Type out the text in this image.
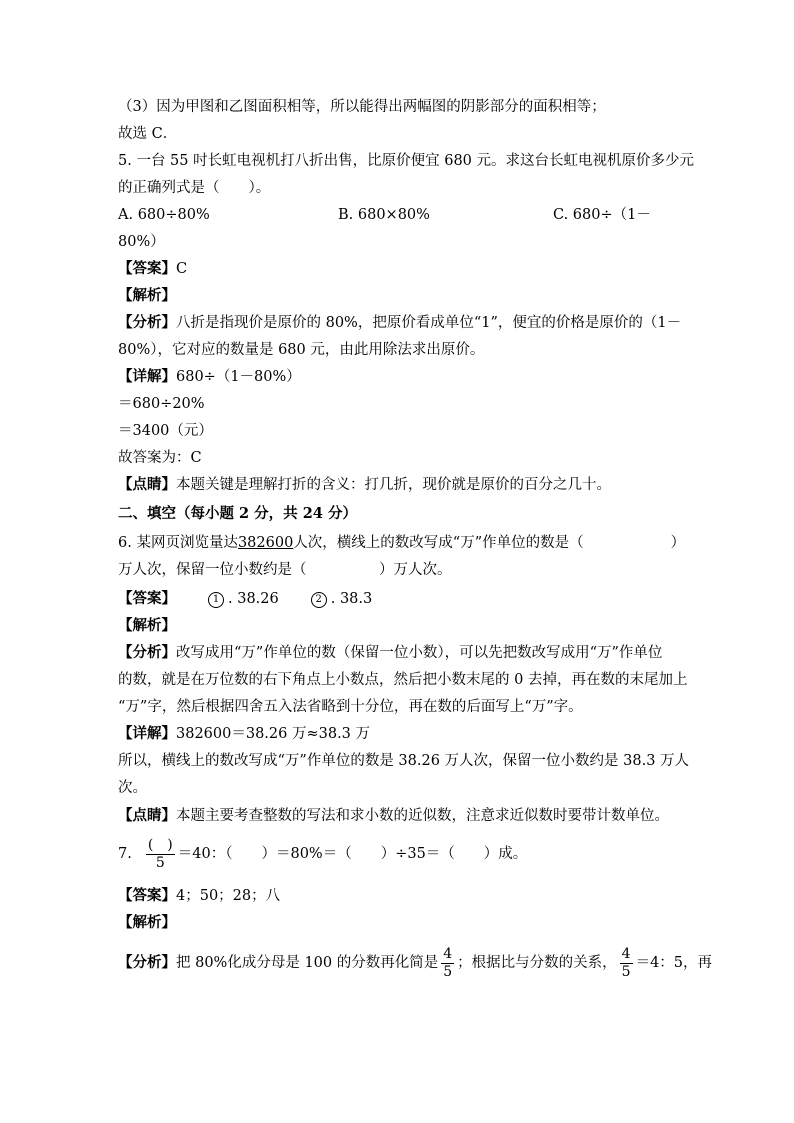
（3）因为甲图和乙图面积相等，所以能得出两幅图的阴影部分的面积相等；
故选 C．
5. 一台 55 吋长虹电视机打八折出售，比原价便宜 680 元。求这台长虹电视机原价多少元
的正确列式是（　　）。
A. 680÷80%	B. 680×80%	C. 680÷（1－
80%）
【答案】C
【解析】
【分析】八折是指现价是原价的 80%，把原价看成单位“1”，便宜的价格是原价的（1－
80%），它对应的数量是 680 元，由此用除法求出原价。
【详解】680÷（1－80%）
＝680÷20%
＝3400（元）
故答案为：C
【点睛】本题关键是理解打折的含义：打几折，现价就是原价的百分之几十。
二、填空（每小题 2 分，共 24 分）
6. 某网页浏览量达382600人次，横线上的数改写成“万”作单位的数是（　　　　　　）
万人次，保留一位小数约是（　　　　　）万人次。
【答案】	1 . 38.26	2 . 38.3
【解析】
【分析】改写成用“万”作单位的数（保留一位小数），可以先把数改写成用“万”作单位
的数，就是在万位数的右下角点上小数点，然后把小数末尾的 0 去掉，再在数的末尾加上
“万”字，然后根据四舍五入法省略到十分位，再在数的后面写上“万”字。
【详解】382600＝38.26 万≈38.3 万
所以，横线上的数改写成“万”作单位的数是 38.26 万人次，保留一位小数约是 38.3 万人
次。
【点睛】本题主要考查整数的写法和求小数的近似数，注意求近似数时要带计数单位。
7. $\frac{( )}{5} =40$：（　　）＝80%＝（　　）÷35＝（　　）成。
【答案】4；50；28；八
【解析】
【分析】把 80%化成分母是 100 的分数再化简是 $\frac{4}{5}$ ；根据比与分数的关系， $\frac{4}{5} =4$：5，再
